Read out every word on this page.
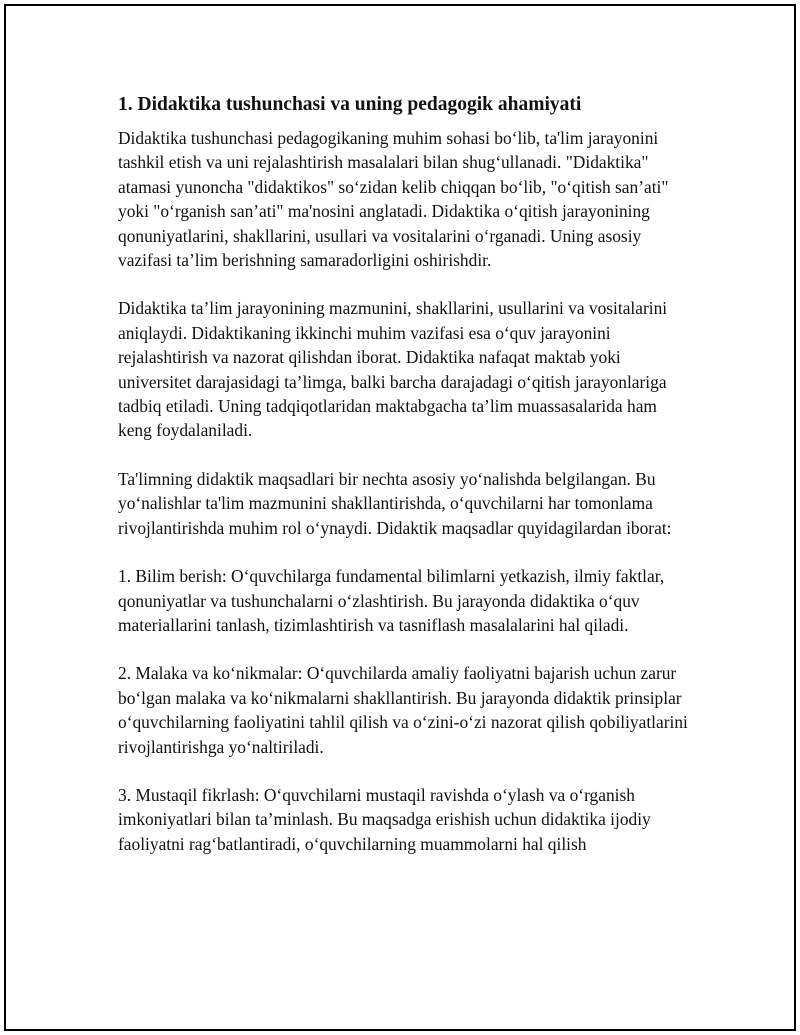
1. Didaktika tushunchasi va uning pedagogik ahamiyati

Didaktika tushunchasi pedagogikaning muhim sohasi boʻlib, ta'lim jarayonini tashkil etish va uni rejalashtirish masalalari bilan shugʻullanadi. "Didaktika" atamasi yunoncha "didaktikos" soʻzidan kelib chiqqan boʻlib, "oʻqitish san’ati" yoki "oʻrganish san’ati" ma'nosini anglatadi. Didaktika oʻqitish jarayonining qonuniyatlarini, shakllarini, usullari va vositalarini oʻrganadi. Uning asosiy vazifasi ta’lim berishning samaradorligini oshirishdir.

Didaktika ta’lim jarayonining mazmunini, shakllarini, usullarini va vositalarini aniqlaydi. Didaktikaning ikkinchi muhim vazifasi esa oʻquv jarayonini rejalashtirish va nazorat qilishdan iborat. Didaktika nafaqat maktab yoki universitet darajasidagi ta’limga, balki barcha darajadagi oʻqitish jarayonlariga tadbiq etiladi. Uning tadqiqotlaridan maktabgacha ta’lim muassasalarida ham keng foydalaniladi.

Ta'limning didaktik maqsadlari bir nechta asosiy yoʻnalishda belgilangan. Bu yoʻnalishlar ta'lim mazmunini shakllantirishda, oʻquvchilarni har tomonlama rivojlantirishda muhim rol oʻynaydi. Didaktik maqsadlar quyidagilardan iborat:

1. Bilim berish: Oʻquvchilarga fundamental bilimlarni yetkazish, ilmiy faktlar, qonuniyatlar va tushunchalarni oʻzlashtirish. Bu jarayonda didaktika oʻquv materiallarini tanlash, tizimlashtirish va tasniflash masalalarini hal qiladi.

2. Malaka va koʻnikmalar: Oʻquvchilarda amaliy faoliyatni bajarish uchun zarur boʻlgan malaka va koʻnikmalarni shakllantirish. Bu jarayonda didaktik prinsiplar oʻquvchilarning faoliyatini tahlil qilish va oʻzini-oʻzi nazorat qilish qobiliyatlarini rivojlantirishga yoʻnaltiriladi.

3. Mustaqil fikrlash: Oʻquvchilarni mustaqil ravishda oʻylash va oʻrganish imkoniyatlari bilan ta’minlash. Bu maqsadga erishish uchun didaktika ijodiy faoliyatni ragʻbatlantiradi, oʻquvchilarning muammolarni hal qilish
